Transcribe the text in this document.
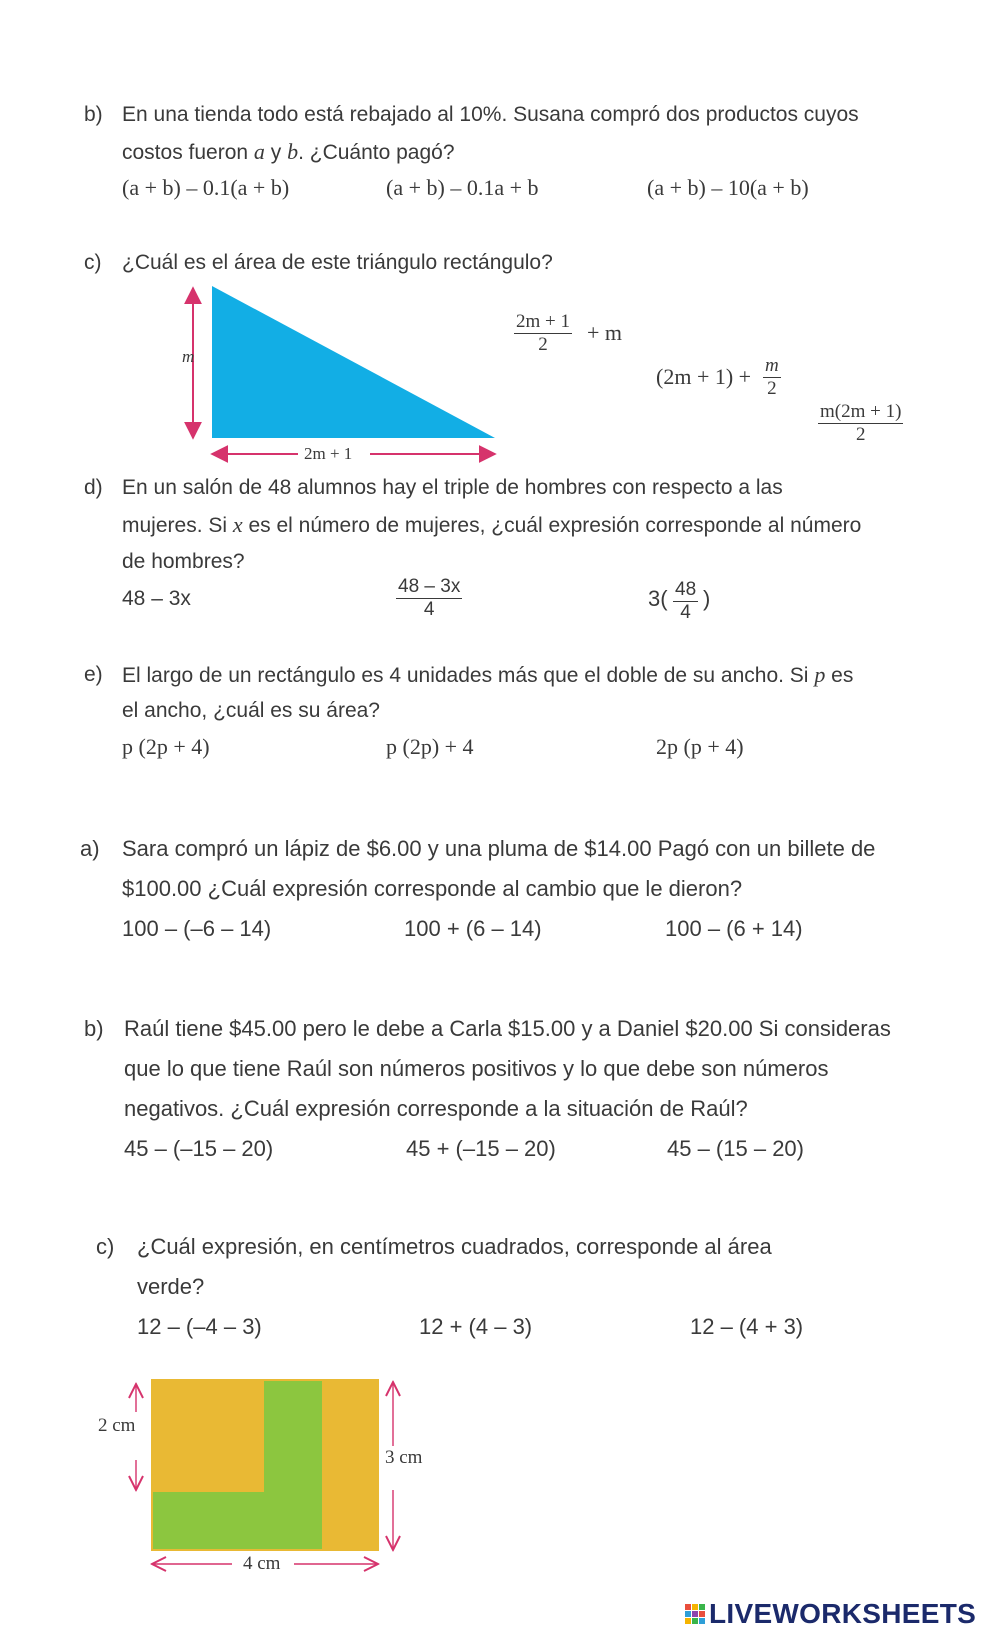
b) En una tienda todo está rebajado al 10%. Susana compró dos productos cuyos
costos fueron a y b. ¿Cuánto pagó?
(a + b) – 0.1(a + b)	(a + b) – 0.1a + b	(a + b) – 10(a + b)
c) ¿Cuál es el área de este triángulo rectángulo?
m
2m + 1
$\frac{2m + 1}{2} + m$
$(2m + 1) + \frac{m}{2}$
$\frac{m(2m + 1)}{2}$
d) En un salón de 48 alumnos hay el triple de hombres con respecto a las
mujeres. Si x es el número de mujeres, ¿cuál expresión corresponde al número
de hombres?
48 – 3x	$\frac{48 - 3x}{4}$	$3( \frac{48}{4}$ )
e) El largo de un rectángulo es 4 unidades más que el doble de su ancho. Si p es
el ancho, ¿cuál es su área?
p (2p + 4)	p (2p) + 4	2p (p + 4)
a) Sara compró un lápiz de $6.00 y una pluma de $14.00 Pagó con un billete de
$100.00 ¿Cuál expresión corresponde al cambio que le dieron?
100 – (–6 – 14)	100 + (6 – 14)	100 – (6 + 14)
b) Raúl tiene $45.00 pero le debe a Carla $15.00 y a Daniel $20.00 Si consideras
que lo que tiene Raúl son números positivos y lo que debe son números
negativos. ¿Cuál expresión corresponde a la situación de Raúl?
45 – (–15 – 20)	45 + (–15 – 20)	45 – (15 – 20)
c) ¿Cuál expresión, en centímetros cuadrados, corresponde al área
verde?
12 – (–4 – 3)	12 + (4 – 3)	12 – (4 + 3)
2 cm
3 cm
4 cm
LIVEWORKSHEETS
